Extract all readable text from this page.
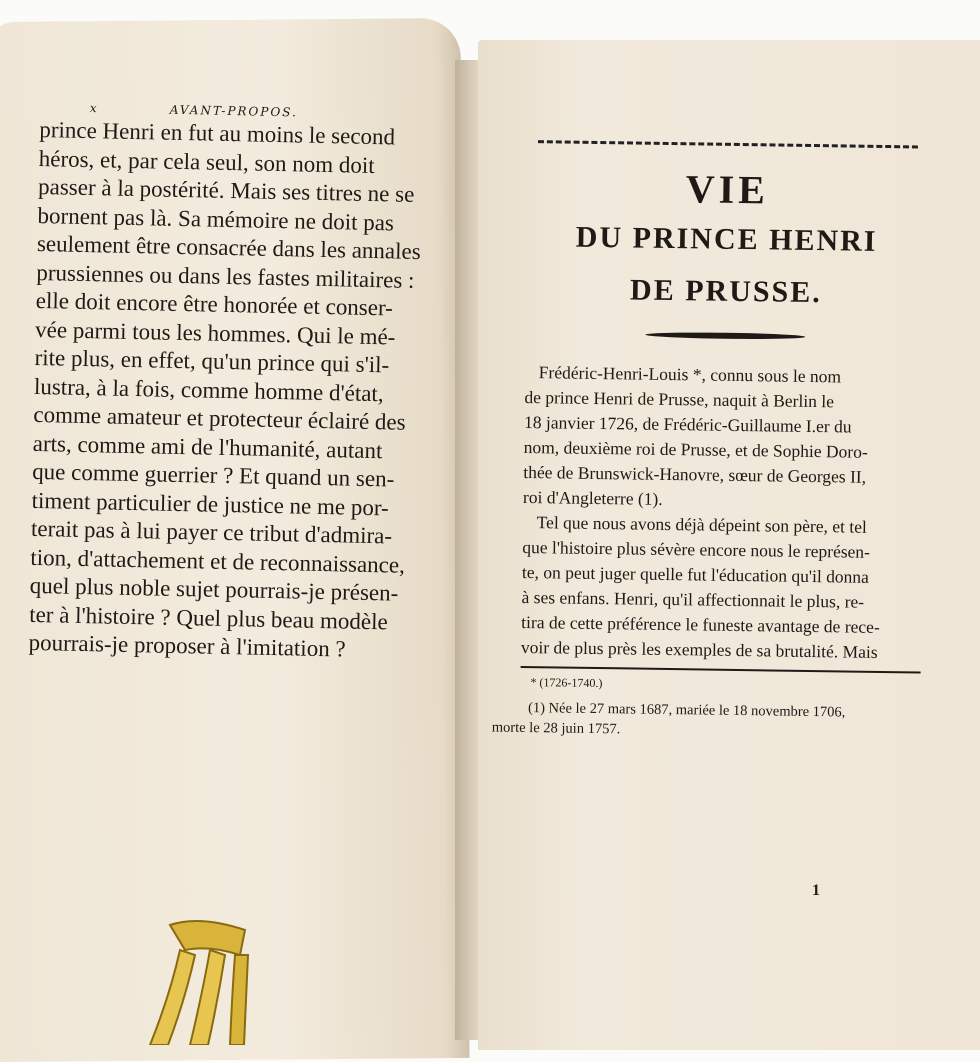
x	AVANT-PROPOS.
prince Henri en fut au moins le second
héros, et, par cela seul, son nom doit
passer à la postérité. Mais ses titres ne se
bornent pas là. Sa mémoire ne doit pas
seulement être consacrée dans les annales
prussiennes ou dans les fastes militaires :
elle doit encore être honorée et conser-
vée parmi tous les hommes. Qui le mé-
rite plus, en effet, qu'un prince qui s'il-
lustra, à la fois, comme homme d'état,
comme amateur et protecteur éclairé des
arts, comme ami de l'humanité, autant
que comme guerrier ? Et quand un sen-
timent particulier de justice ne me por-
terait pas à lui payer ce tribut d'admira-
tion, d'attachement et de reconnaissance,
quel plus noble sujet pourrais-je présen-
ter à l'histoire ? Quel plus beau modèle
pourrais-je proposer à l'imitation ?
VIE
DU PRINCE HENRI
DE PRUSSE.
Frédéric-Henri-Louis *, connu sous le nom
de prince Henri de Prusse, naquit à Berlin le
18 janvier 1726, de Frédéric-Guillaume I.er du
nom, deuxième roi de Prusse, et de Sophie Doro-
thée de Brunswick-Hanovre, sœur de Georges II,
roi d'Angleterre (1).
Tel que nous avons déjà dépeint son père, et tel
que l'histoire plus sévère encore nous le représen-
te, on peut juger quelle fut l'éducation qu'il donna
à ses enfans. Henri, qu'il affectionnait le plus, re-
tira de cette préférence le funeste avantage de rece-
voir de plus près les exemples de sa brutalité. Mais
* (1726-1740.)
(1) Née le 27 mars 1687, mariée le 18 novembre 1706,
morte le 28 juin 1757.
1
